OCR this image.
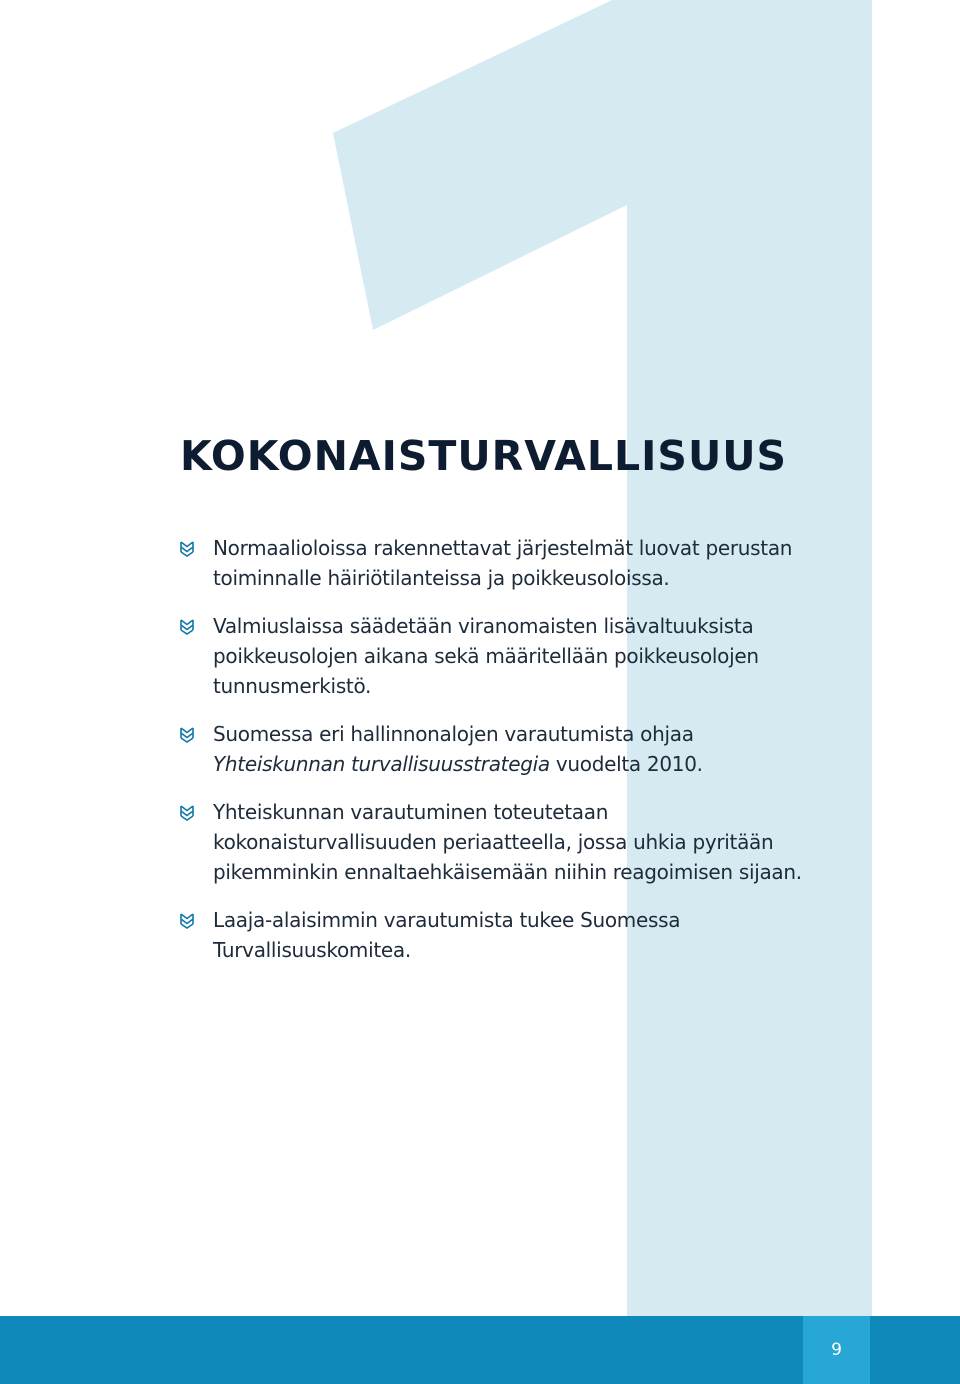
KOKONAISTURVALLISUUS
Normaalioloissa rakennettavat järjestelmät luovat perustan toiminnalle häiriötilanteissa ja poikkeusoloissa.
Valmiuslaissa säädetään viranomaisten lisävaltuuksista poikkeusolojen aikana sekä määritellään poikkeusolojen tunnusmerkistö.
Suomessa eri hallinnonalojen varautumista ohjaa Yhteiskunnan turvallisuusstrategia vuodelta 2010.
Yhteiskunnan varautuminen toteutetaan kokonaisturvallisuuden periaatteella, jossa uhkia pyritään pikemminkin ennaltaehkäisemään niihin reagoimisen sijaan.
Laaja-alaisimmin varautumista tukee Suomessa Turvallisuuskomitea.
9
